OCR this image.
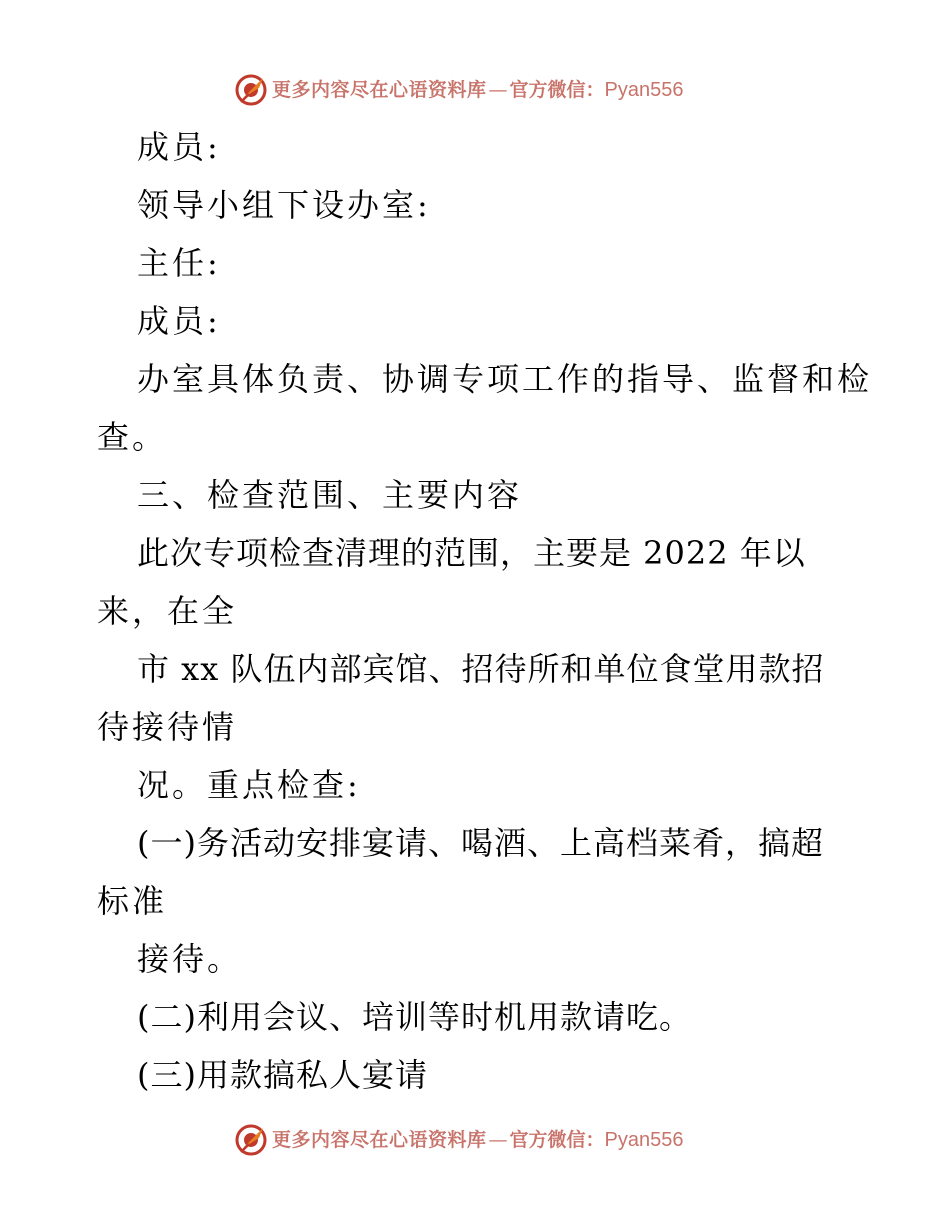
更多内容尽在心语资料库 — 官方微信：Pyan556
成员:
领导小组下设办室:
主任:
成员:
办室具体负责、协调专项工作的指导、监督和检
查。
三、检查范围、主要内容
此次专项检查清理的范围，主要是 2022 年以
来，在全
市 xx 队伍内部宾馆、招待所和单位食堂用款招
待接待情
况。重点检查:
(一)务活动安排宴请、喝酒、上高档菜肴，搞超
标准
接待。
(二)利用会议、培训等时机用款请吃。
(三)用款搞私人宴请
更多内容尽在心语资料库 — 官方微信：Pyan556
